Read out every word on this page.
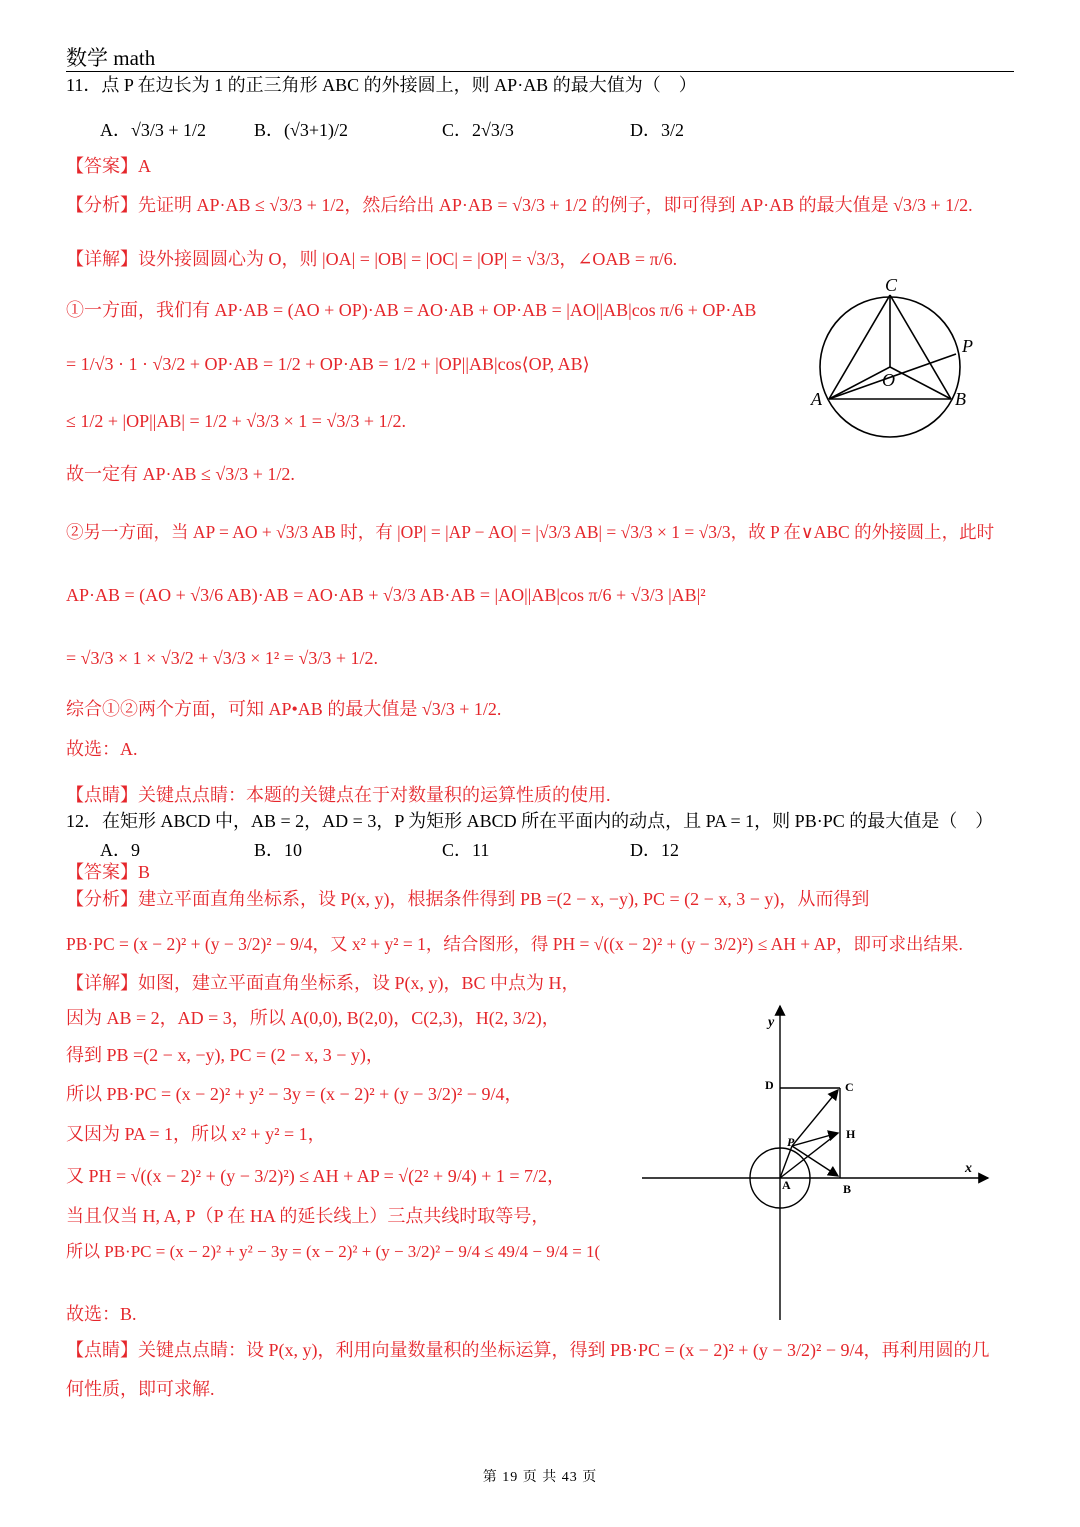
数学 math
11．点 P 在边长为 1 的正三角形 ABC 的外接圆上，则 AP·AB 的最大值为（　）
A．√3/3 + 1/2	B．(√3+1)/2	C．2√3/3	D．3/2
【答案】A
【分析】先证明 AP·AB ≤ √3/3 + 1/2，然后给出 AP·AB = √3/3 + 1/2 的例子，即可得到 AP·AB 的最大值是 √3/3 + 1/2.
【详解】设外接圆圆心为 O，则 |OA| = |OB| = |OC| = |OP| = √3/3，∠OAB = π/6.
①一方面，我们有 AP·AB = (AO + OP)·AB = AO·AB + OP·AB = |AO||AB|cos π/6 + OP·AB
= 1/√3 · 1 · √3/2 + OP·AB = 1/2 + OP·AB = 1/2 + |OP||AB|cos⟨OP, AB⟩
≤ 1/2 + |OP||AB| = 1/2 + √3/3 × 1 = √3/3 + 1/2.
故一定有 AP·AB ≤ √3/3 + 1/2.
②另一方面，当 AP = AO + √3/3 AB 时，有 |OP| = |AP − AO| = |√3/3 AB| = √3/3 × 1 = √3/3，故 P 在∨ABC 的外接圆上，此时
AP·AB = (AO + √3/6 AB)·AB = AO·AB + √3/3 AB·AB = |AO||AB|cos π/6 + √3/3 |AB|²
= √3/3 × 1 × √3/2 + √3/3 × 1² = √3/3 + 1/2.
综合①②两个方面，可知 AP•AB 的最大值是 √3/3 + 1/2.
故选：A.
【点睛】关键点点睛：本题的关键点在于对数量积的运算性质的使用.
C
P
O
A	B
12．在矩形 ABCD 中，AB = 2，AD = 3，P 为矩形 ABCD 所在平面内的动点，且 PA = 1，则 PB·PC 的最大值是（　）
A．9	B．10	C．11	D．12
【答案】B
【分析】建立平面直角坐标系，设 P(x, y)，根据条件得到 PB =(2 − x, −y), PC = (2 − x, 3 − y)，从而得到
PB·PC = (x − 2)² + (y − 3/2)² − 9/4，又 x² + y² = 1，结合图形，得 PH = √((x − 2)² + (y − 3/2)²) ≤ AH + AP，即可求出结果.
【详解】如图，建立平面直角坐标系，设 P(x, y)，BC 中点为 H，
因为 AB = 2，AD = 3，所以 A(0,0), B(2,0)，C(2,3)，H(2, 3/2)，
得到 PB =(2 − x, −y), PC = (2 − x, 3 − y)，
所以 PB·PC = (x − 2)² + y² − 3y = (x − 2)² + (y − 3/2)² − 9/4，
又因为 PA = 1，所以 x² + y² = 1，
又 PH = √((x − 2)² + (y − 3/2)²) ≤ AH + AP = √(2² + 9/4) + 1 = 7/2，
当且仅当 H, A, P（P 在 HA 的延长线上）三点共线时取等号，
所以 PB·PC = (x − 2)² + y² − 3y = (x − 2)² + (y − 3/2)² − 9/4 ≤ 49/4 − 9/4 = 1(
故选：B.
【点睛】关键点点睛：设 P(x, y)，利用向量数量积的坐标运算，得到 PB·PC = (x − 2)² + (y − 3/2)² − 9/4，再利用圆的几
何性质，即可求解.
y
x
D	C
H
P
A	B
第 19 页 共 43 页
